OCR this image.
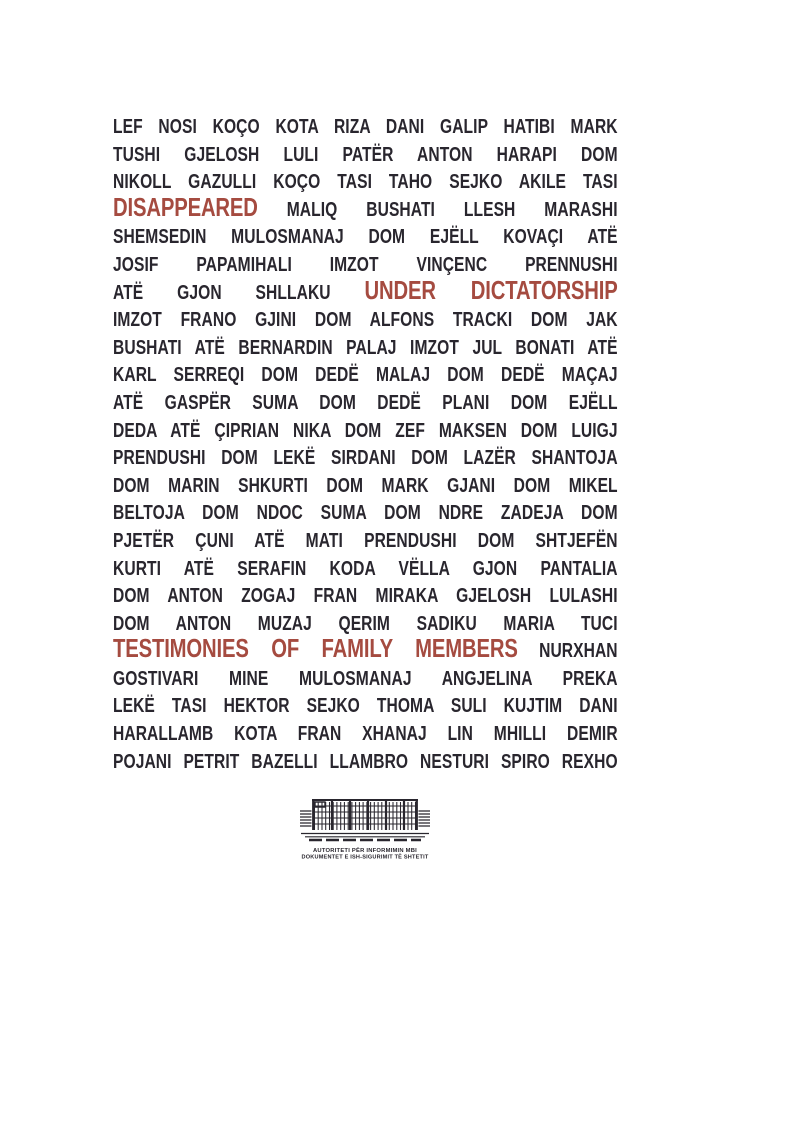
LEF NOSI KOÇO KOTA RIZA DANI GALIP HATIBI MARK
TUSHI GJELOSH LULI PATËR ANTON HARAPI DOM
NIKOLL GAZULLI KOÇO TASI TAHO SEJKO AKILE TASI
DISAPPEARED MALIQ BUSHATI LLESH MARASHI
SHEMSEDIN MULOSMANAJ DOM EJËLL KOVAÇI ATË
JOSIF PAPAMIHALI IMZOT VINÇENC PRENNUSHI
ATË GJON SHLLAKU UNDER DICTATORSHIP
IMZOT FRANO GJINI DOM ALFONS TRACKI DOM JAK
BUSHATI ATË BERNARDIN PALAJ IMZOT JUL BONATI ATË
KARL SERREQI DOM DEDË MALAJ DOM DEDË MAÇAJ
ATË GASPËR SUMA DOM DEDË PLANI DOM EJËLL
DEDA ATË ÇIPRIAN NIKA DOM ZEF MAKSEN DOM LUIGJ
PRENDUSHI DOM LEKË SIRDANI DOM LAZËR SHANTOJA
DOM MARIN SHKURTI DOM MARK GJANI DOM MIKEL
BELTOJA DOM NDOC SUMA DOM NDRE ZADEJA DOM
PJETËR ÇUNI ATË MATI PRENDUSHI DOM SHTJEFËN
KURTI ATË SERAFIN KODA VËLLA GJON PANTALIA
DOM ANTON ZOGAJ FRAN MIRAKA GJELOSH LULASHI
DOM ANTON MUZAJ QERIM SADIKU MARIA TUCI
TESTIMONIES OF FAMILY MEMBERS NURXHAN
GOSTIVARI MINE MULOSMANAJ ANGJELINA PREKA
LEKË TASI HEKTOR SEJKO THOMA SULI KUJTIM DANI
HARALLAMB KOTA FRAN XHANAJ LIN MHILLI DEMIR
POJANI PETRIT BAZELLI LLAMBRO NESTURI SPIRO REXHO
AUTORITETI PËR INFORMIMIN MBI
DOKUMENTET E ISH-SIGURIMIT TË SHTETIT
